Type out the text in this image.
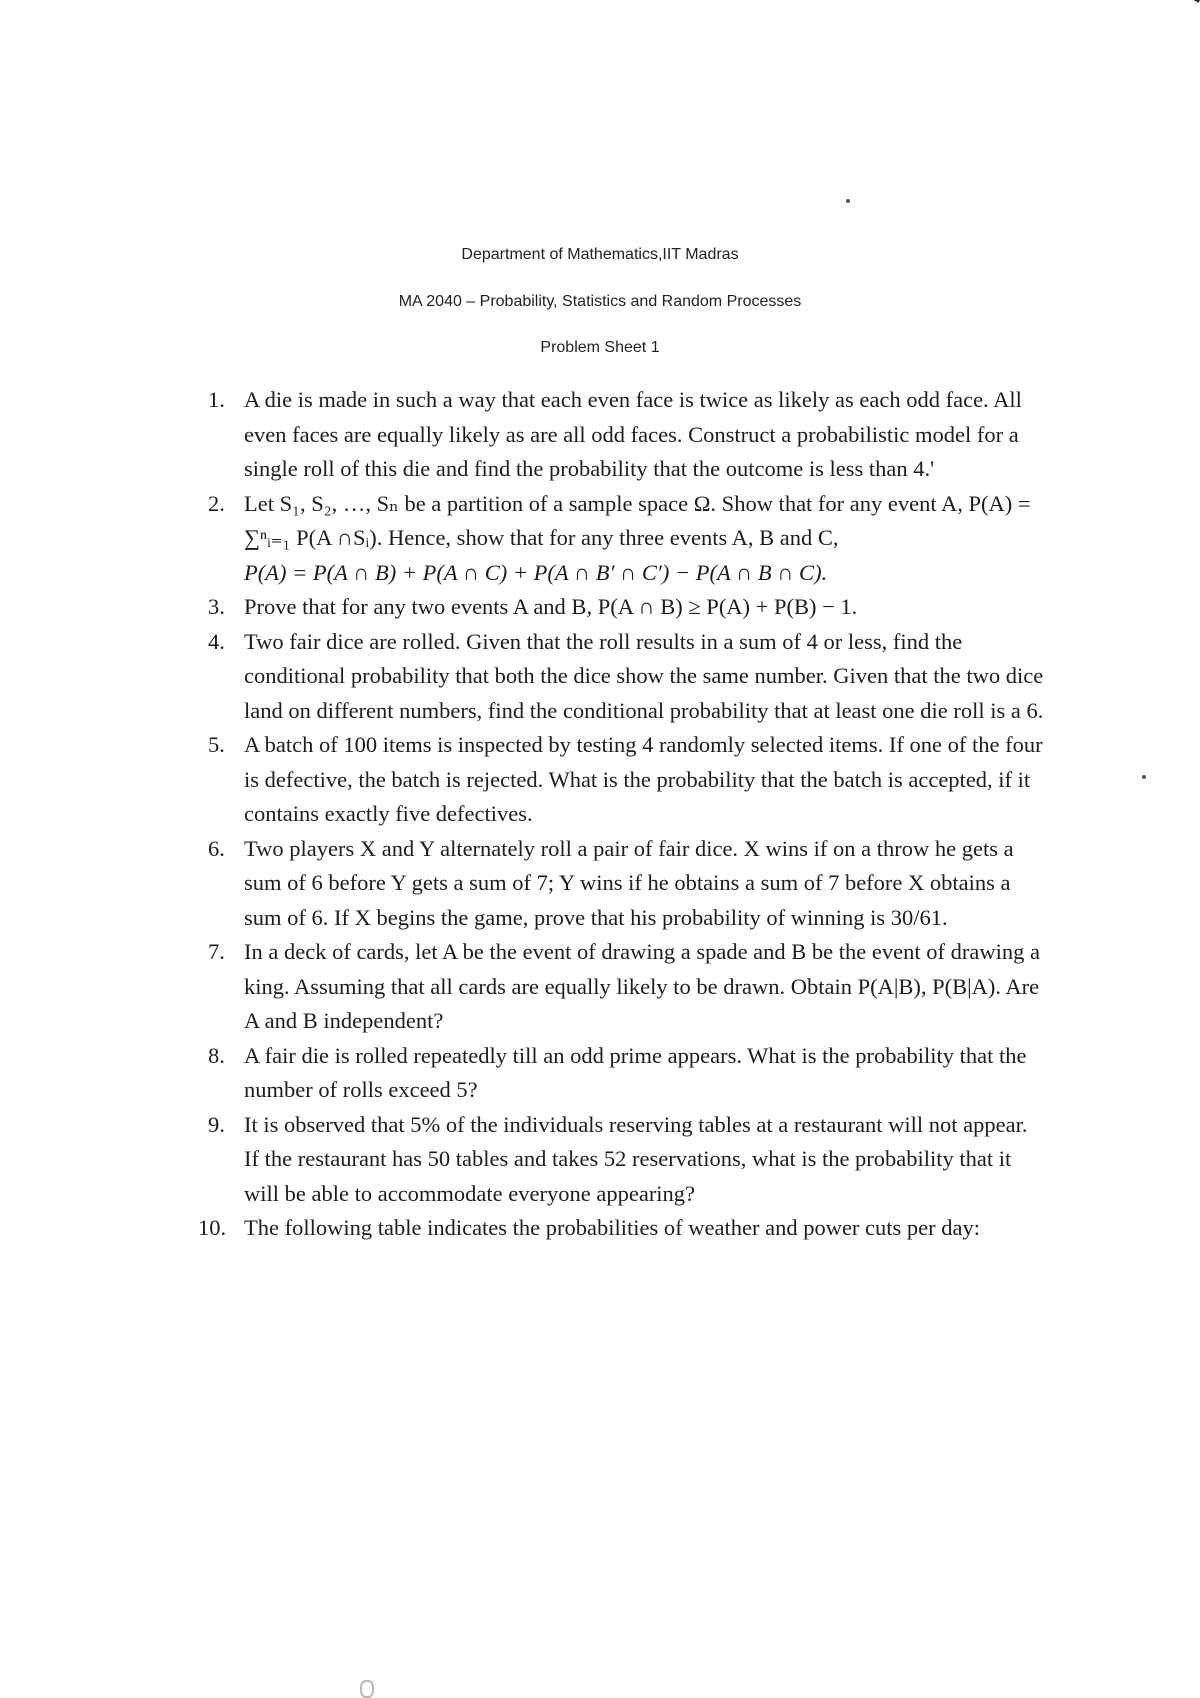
Department of Mathematics,IIT Madras
MA 2040 – Probability, Statistics and Random Processes
Problem Sheet 1
1. A die is made in such a way that each even face is twice as likely as each odd face. All even faces are equally likely as are all odd faces. Construct a probabilistic model for a single roll of this die and find the probability that the outcome is less than 4.'
2. Let S₁, S₂, …, Sₙ be a partition of a sample space Ω. Show that for any event A, P(A) = ∑ⁿᵢ₌₁ P(A ∩Sᵢ). Hence, show that for any three events A, B and C,
P(A) = P(A ∩ B) + P(A ∩ C) + P(A ∩ B′ ∩ C′) − P(A ∩ B ∩ C).
3. Prove that for any two events A and B, P(A ∩ B) ≥ P(A) + P(B) − 1.
4. Two fair dice are rolled. Given that the roll results in a sum of 4 or less, find the conditional probability that both the dice show the same number. Given that the two dice land on different numbers, find the conditional probability that at least one die roll is a 6.
5. A batch of 100 items is inspected by testing 4 randomly selected items. If one of the four is defective, the batch is rejected. What is the probability that the batch is accepted, if it contains exactly five defectives.
6. Two players X and Y alternately roll a pair of fair dice. X wins if on a throw he gets a sum of 6 before Y gets a sum of 7; Y wins if he obtains a sum of 7 before X obtains a sum of 6. If X begins the game, prove that his probability of winning is 30/61.
7. In a deck of cards, let A be the event of drawing a spade and B be the event of drawing a king. Assuming that all cards are equally likely to be drawn. Obtain P(A|B), P(B|A). Are A and B independent?
8. A fair die is rolled repeatedly till an odd prime appears. What is the probability that the number of rolls exceed 5?
9. It is observed that 5% of the individuals reserving tables at a restaurant will not appear. If the restaurant has 50 tables and takes 52 reservations, what is the probability that it will be able to accommodate everyone appearing?
10. The following table indicates the probabilities of weather and power cuts per day:
